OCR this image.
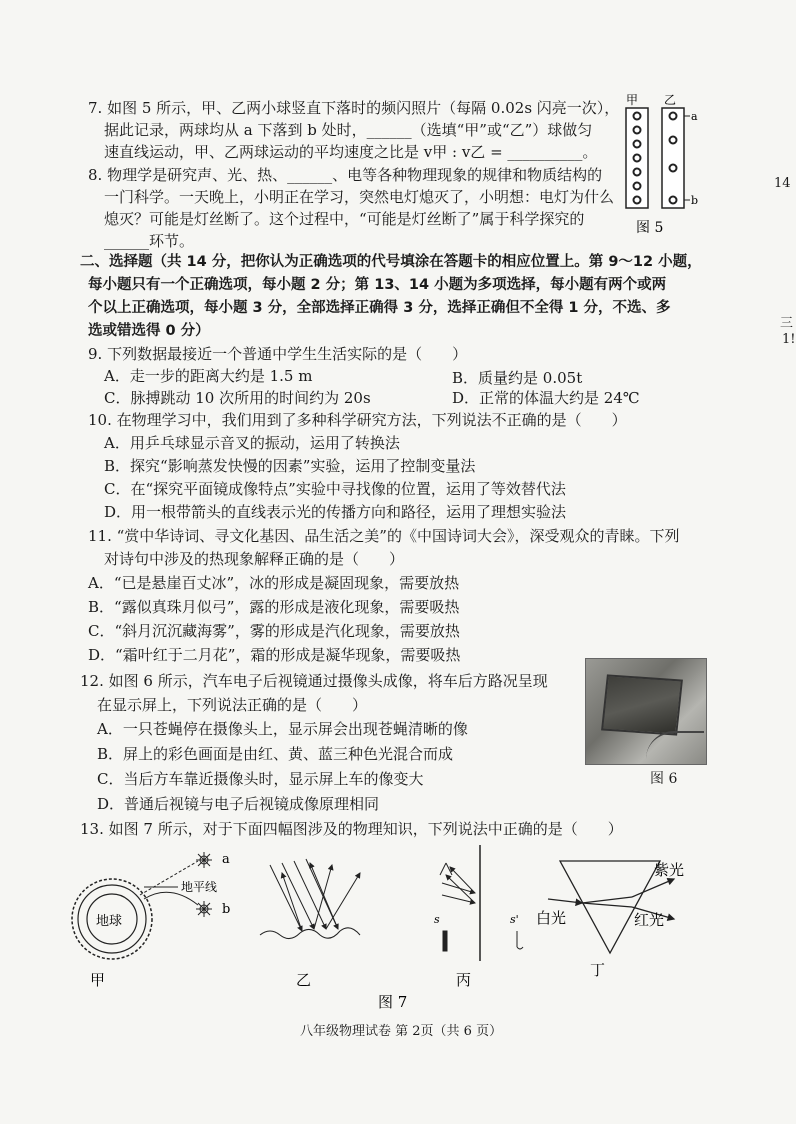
7. 如图 5 所示，甲、乙两小球竖直下落时的频闪照片（每隔 0.02s 闪亮一次），
据此记录，两球均从 a 下落到 b 处时，______（选填“甲”或“乙”）球做匀
速直线运动，甲、乙两球运动的平均速度之比是 v甲 : v乙 = __________。
8. 物理学是研究声、光、热、______、电等各种物理现象的规律和物质结构的
一门科学。一天晚上，小明正在学习，突然电灯熄灭了，小明想：电灯为什么
熄灭？可能是灯丝断了。这个过程中，“可能是灯丝断了”属于科学探究的
______环节。
甲 乙
a
b
图 5
二、选择题（共 14 分，把你认为正确选项的代号填涂在答题卡的相应位置上。第 9～12 小题，
每小题只有一个正确选项，每小题 2 分；第 13、14 小题为多项选择，每小题有两个或两
个以上正确选项，每小题 3 分，全部选择正确得 3 分，选择正确但不全得 1 分，不选、多
选或错选得 0 分）
9. 下列数据最接近一个普通中学生生活实际的是（　　）
A．走一步的距离大约是 1.5 m	B．质量约是 0.05t
C．脉搏跳动 10 次所用的时间约为 20s	D．正常的体温大约是 24℃
10. 在物理学习中，我们用到了多种科学研究方法，下列说法不正确的是（　　）
A．用乒乓球显示音叉的振动，运用了转换法
B．探究“影响蒸发快慢的因素”实验，运用了控制变量法
C．在“探究平面镜成像特点”实验中寻找像的位置，运用了等效替代法
D．用一根带箭头的直线表示光的传播方向和路径，运用了理想实验法
11. “赏中华诗词、寻文化基因、品生活之美”的《中国诗词大会》，深受观众的青睐。下列
对诗句中涉及的热现象解释正确的是（　　）
A．“已是悬崖百丈冰”，冰的形成是凝固现象，需要放热
B．“露似真珠月似弓”，露的形成是液化现象，需要吸热
C．“斜月沉沉藏海雾”，雾的形成是汽化现象，需要放热
D．“霜叶红于二月花”，霜的形成是凝华现象，需要吸热
12. 如图 6 所示，汽车电子后视镜通过摄像头成像，将车后方路况呈现
在显示屏上，下列说法正确的是（　　）
A．一只苍蝇停在摄像头上，显示屏会出现苍蝇清晰的像
B．屏上的彩色画面是由红、黄、蓝三种色光混合而成
C．当后方车靠近摄像头时，显示屏上车的像变大
D．普通后视镜与电子后视镜成像原理相同
图 6
13. 如图 7 所示，对于下面四幅图涉及的物理知识，下列说法中正确的是（　　）
地球
地平线
a
b
甲	乙
s	s'
丙
紫光
白光	红光
丁
图 7
八年级物理试卷 第 2页（共 6 页）
14
三
1!
